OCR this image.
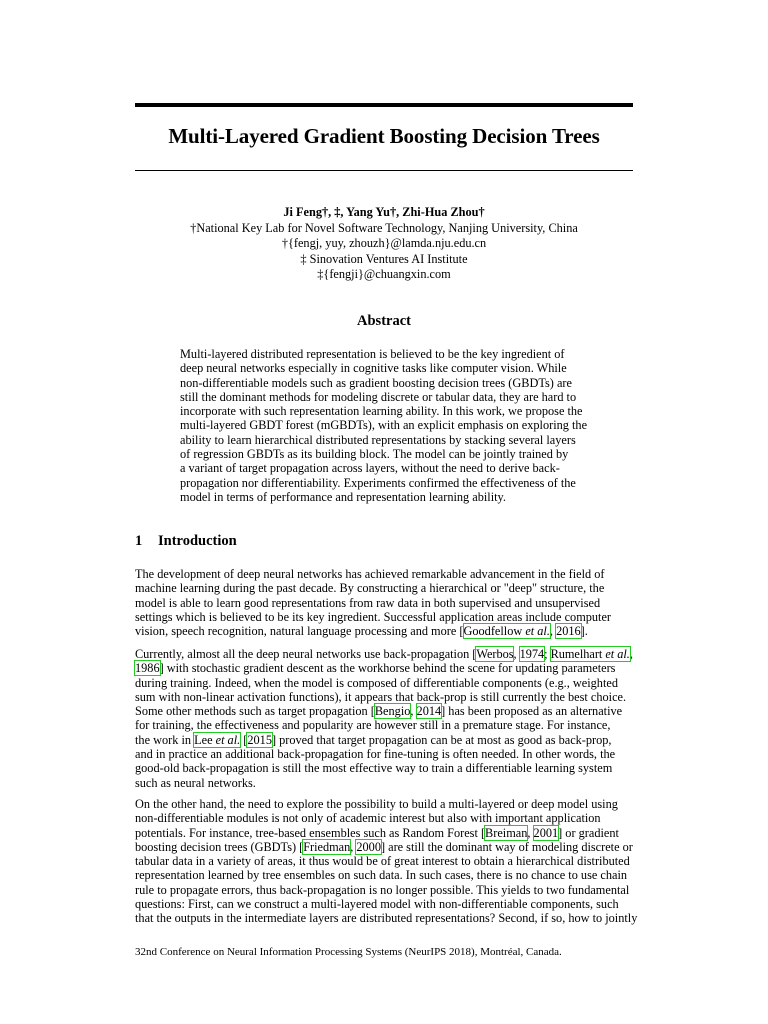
Multi-Layered Gradient Boosting Decision Trees
Ji Feng†, ‡, Yang Yu†, Zhi-Hua Zhou†
†National Key Lab for Novel Software Technology, Nanjing University, China
†{fengj, yuy, zhouzh}@lamda.nju.edu.cn
‡ Sinovation Ventures AI Institute
‡{fengji}@chuangxin.com
Abstract
Multi-layered distributed representation is believed to be the key ingredient of
deep neural networks especially in cognitive tasks like computer vision. While
non-differentiable models such as gradient boosting decision trees (GBDTs) are
still the dominant methods for modeling discrete or tabular data, they are hard to
incorporate with such representation learning ability. In this work, we propose the
multi-layered GBDT forest (mGBDTs), with an explicit emphasis on exploring the
ability to learn hierarchical distributed representations by stacking several layers
of regression GBDTs as its building block. The model can be jointly trained by
a variant of target propagation across layers, without the need to derive back-
propagation nor differentiability. Experiments confirmed the effectiveness of the
model in terms of performance and representation learning ability.
1 Introduction
The development of deep neural networks has achieved remarkable advancement in the field of
machine learning during the past decade. By constructing a hierarchical or "deep" structure, the
model is able to learn good representations from raw data in both supervised and unsupervised
settings which is believed to be its key ingredient. Successful application areas include computer
vision, speech recognition, natural language processing and more [Goodfellow et al., 2016].
Currently, almost all the deep neural networks use back-propagation [Werbos, 1974; Rumelhart et al.,
1986] with stochastic gradient descent as the workhorse behind the scene for updating parameters
during training. Indeed, when the model is composed of differentiable components (e.g., weighted
sum with non-linear activation functions), it appears that back-prop is still currently the best choice.
Some other methods such as target propagation [Bengio, 2014] has been proposed as an alternative
for training, the effectiveness and popularity are however still in a premature stage. For instance,
the work in Lee et al. [2015] proved that target propagation can be at most as good as back-prop,
and in practice an additional back-propagation for fine-tuning is often needed. In other words, the
good-old back-propagation is still the most effective way to train a differentiable learning system
such as neural networks.
On the other hand, the need to explore the possibility to build a multi-layered or deep model using
non-differentiable modules is not only of academic interest but also with important application
potentials. For instance, tree-based ensembles such as Random Forest [Breiman, 2001] or gradient
boosting decision trees (GBDTs) [Friedman, 2000] are still the dominant way of modeling discrete or
tabular data in a variety of areas, it thus would be of great interest to obtain a hierarchical distributed
representation learned by tree ensembles on such data. In such cases, there is no chance to use chain
rule to propagate errors, thus back-propagation is no longer possible. This yields to two fundamental
questions: First, can we construct a multi-layered model with non-differentiable components, such
that the outputs in the intermediate layers are distributed representations? Second, if so, how to jointly
32nd Conference on Neural Information Processing Systems (NeurIPS 2018), Montréal, Canada.
